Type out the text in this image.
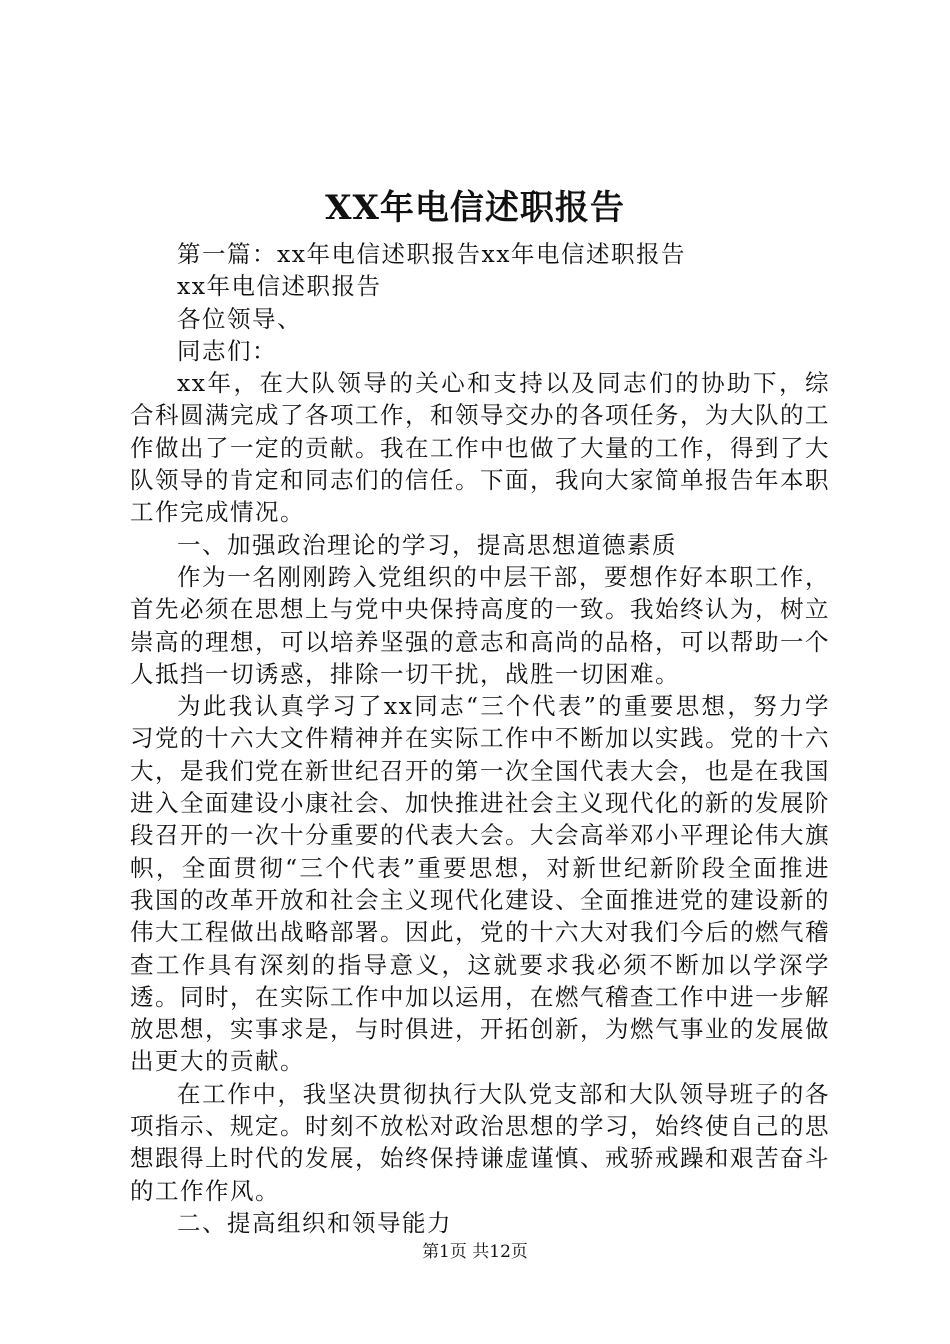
XX年电信述职报告

第一篇：xx年电信述职报告xx年电信述职报告

xx年电信述职报告

各位领导、

同志们：

xx年，在大队领导的关心和支持以及同志们的协助下，综合科圆满完成了各项工作，和领导交办的各项任务，为大队的工作做出了一定的贡献。我在工作中也做了大量的工作，得到了大队领导的肯定和同志们的信任。下面，我向大家简单报告年本职工作完成情况。

一、加强政治理论的学习，提高思想道德素质

作为一名刚刚跨入党组织的中层干部，要想作好本职工作，首先必须在思想上与党中央保持高度的一致。我始终认为，树立崇高的理想，可以培养坚强的意志和高尚的品格，可以帮助一个人抵挡一切诱惑，排除一切干扰，战胜一切困难。

为此我认真学习了xx同志“三个代表”的重要思想，努力学习党的十六大文件精神并在实际工作中不断加以实践。党的十六大，是我们党在新世纪召开的第一次全国代表大会，也是在我国进入全面建设小康社会、加快推进社会主义现代化的新的发展阶段召开的一次十分重要的代表大会。大会高举邓小平理论伟大旗帜，全面贯彻“三个代表”重要思想，对新世纪新阶段全面推进我国的改革开放和社会主义现代化建设、全面推进党的建设新的伟大工程做出战略部署。因此，党的十六大对我们今后的燃气稽查工作具有深刻的指导意义，这就要求我必须不断加以学深学透。同时，在实际工作中加以运用，在燃气稽查工作中进一步解放思想，实事求是，与时俱进，开拓创新，为燃气事业的发展做出更大的贡献。

在工作中，我坚决贯彻执行大队党支部和大队领导班子的各项指示、规定。时刻不放松对政治思想的学习，始终使自己的思想跟得上时代的发展，始终保持谦虚谨慎、戒骄戒躁和艰苦奋斗的工作作风。

二、提高组织和领导能力

第1页 共12页
